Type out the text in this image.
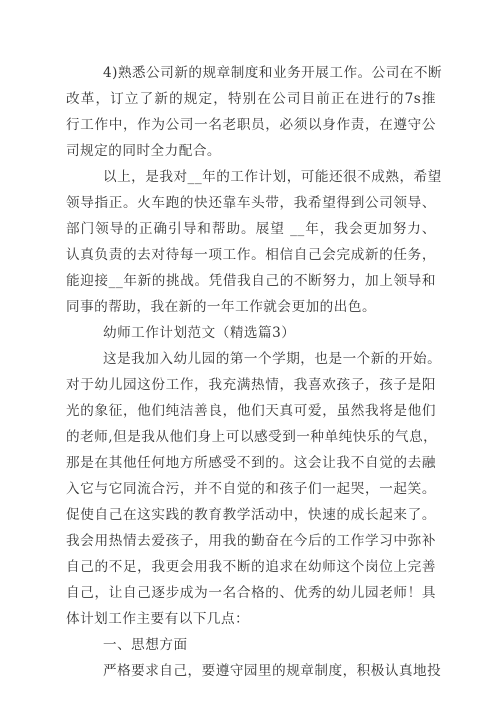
4)熟悉公司新的规章制度和业务开展工作。公司在不断
改革，订立了新的规定，特别在公司目前正在进行的7s推
行工作中，作为公司一名老职员，必须以身作责，在遵守公
司规定的同时全力配合。
以上，是我对__年的工作计划，可能还很不成熟，希望
领导指正。火车跑的快还靠车头带，我希望得到公司领导、
部门领导的正确引导和帮助。展望 __年，我会更加努力、
认真负责的去对待每一项工作。相信自己会完成新的任务，
能迎接__年新的挑战。凭借我自己的不断努力，加上领导和
同事的帮助，我在新的一年工作就会更加的出色。
幼师工作计划范文（精选篇3）
这是我加入幼儿园的第一个学期，也是一个新的开始。
对于幼儿园这份工作，我充满热情，我喜欢孩子，孩子是阳
光的象征，他们纯洁善良，他们天真可爱，虽然我将是他们
的老师,但是我从他们身上可以感受到一种单纯快乐的气息，
那是在其他任何地方所感受不到的。这会让我不自觉的去融
入它与它同流合污，并不自觉的和孩子们一起哭，一起笑。
促使自己在这实践的教育教学活动中，快速的成长起来了。
我会用热情去爱孩子，用我的勤奋在今后的工作学习中弥补
自己的不足，我更会用我不断的追求在幼师这个岗位上完善
自己，让自己逐步成为一名合格的、优秀的幼儿园老师！具
体计划工作主要有以下几点：
一、思想方面
严格要求自己，要遵守园里的规章制度，积极认真地投
